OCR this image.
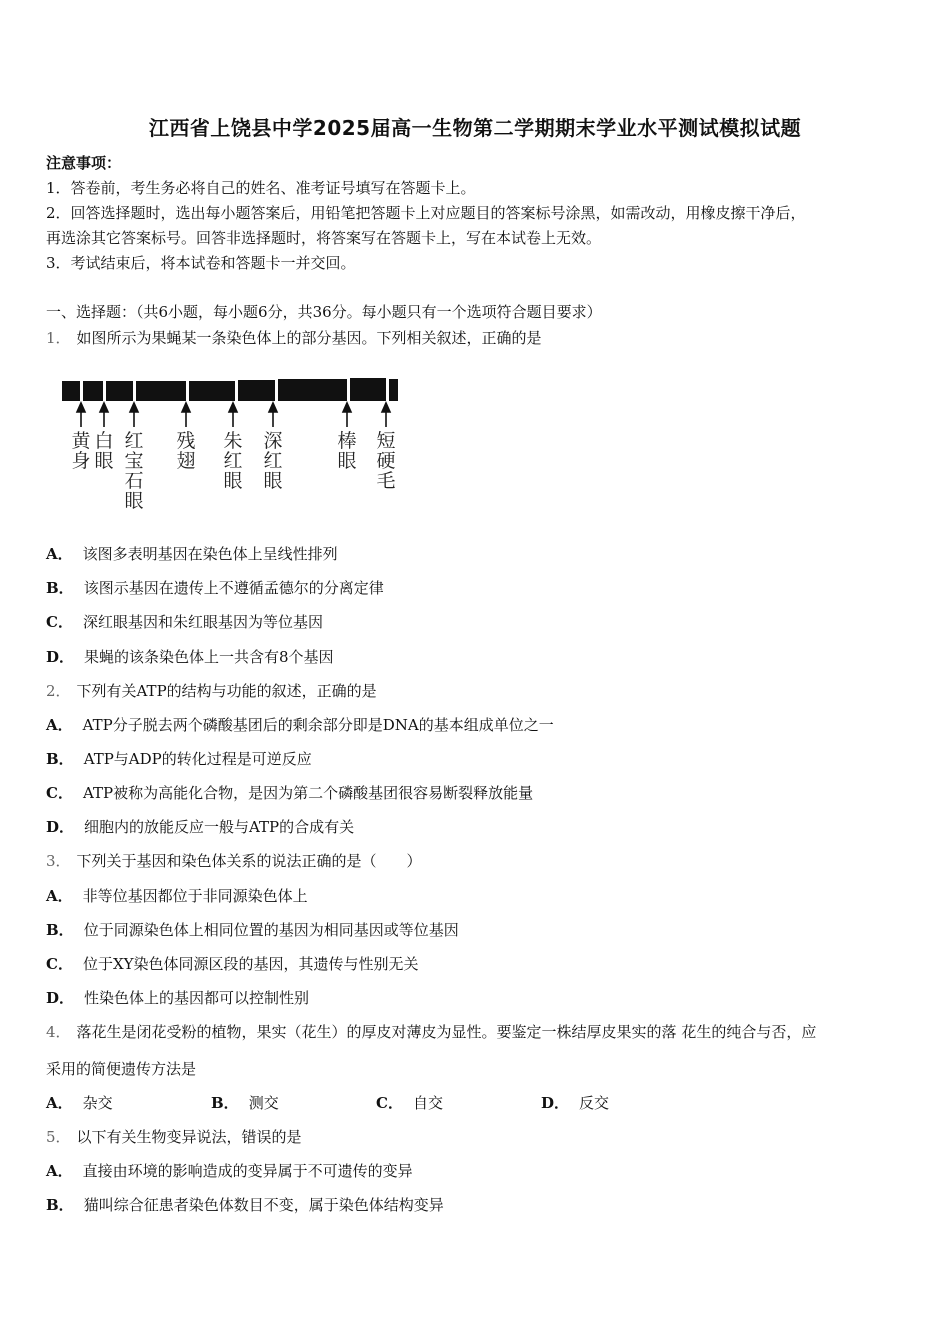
江西省上饶县中学2025届高一生物第二学期期末学业水平测试模拟试题
注意事项：
1．答卷前，考生务必将自己的姓名、准考证号填写在答题卡上。
2．回答选择题时，选出每小题答案后，用铅笔把答题卡上对应题目的答案标号涂黑，如需改动，用橡皮擦干净后，
再选涂其它答案标号。回答非选择题时，将答案写在答题卡上，写在本试卷上无效。
3．考试结束后，将本试卷和答题卡一并交回。
一、选择题：（共6小题，每小题6分，共36分。每小题只有一个选项符合题目要求）
1． 如图所示为果蝇某一条染色体上的部分基因。下列相关叙述，正确的是
黄身
白眼
红宝石眼
残翅
朱红眼
深红眼
棒眼
短硬毛
A． 该图多表明基因在染色体上呈线性排列
B． 该图示基因在遗传上不遵循孟德尔的分离定律
C． 深红眼基因和朱红眼基因为等位基因
D． 果蝇的该条染色体上一共含有8个基因
2． 下列有关ATP的结构与功能的叙述，正确的是
A． ATP分子脱去两个磷酸基团后的剩余部分即是DNA的基本组成单位之一
B． ATP与ADP的转化过程是可逆反应
C． ATP被称为高能化合物，是因为第二个磷酸基团很容易断裂释放能量
D． 细胞内的放能反应一般与ATP的合成有关
3． 下列关于基因和染色体关系的说法正确的是（　　）
A． 非等位基因都位于非同源染色体上
B． 位于同源染色体上相同位置的基因为相同基因或等位基因
C． 位于XY染色体同源区段的基因，其遗传与性别无关
D． 性染色体上的基因都可以控制性别
4． 落花生是闭花受粉的植物，果实（花生）的厚皮对薄皮为显性。要鉴定一株结厚皮果实的落 花生的纯合与否，应
采用的简便遗传方法是
A． 杂交	B． 测交	C． 自交	D． 反交
5． 以下有关生物变异说法，错误的是
A． 直接由环境的影响造成的变异属于不可遗传的变异
B． 猫叫综合征患者染色体数目不变，属于染色体结构变异
